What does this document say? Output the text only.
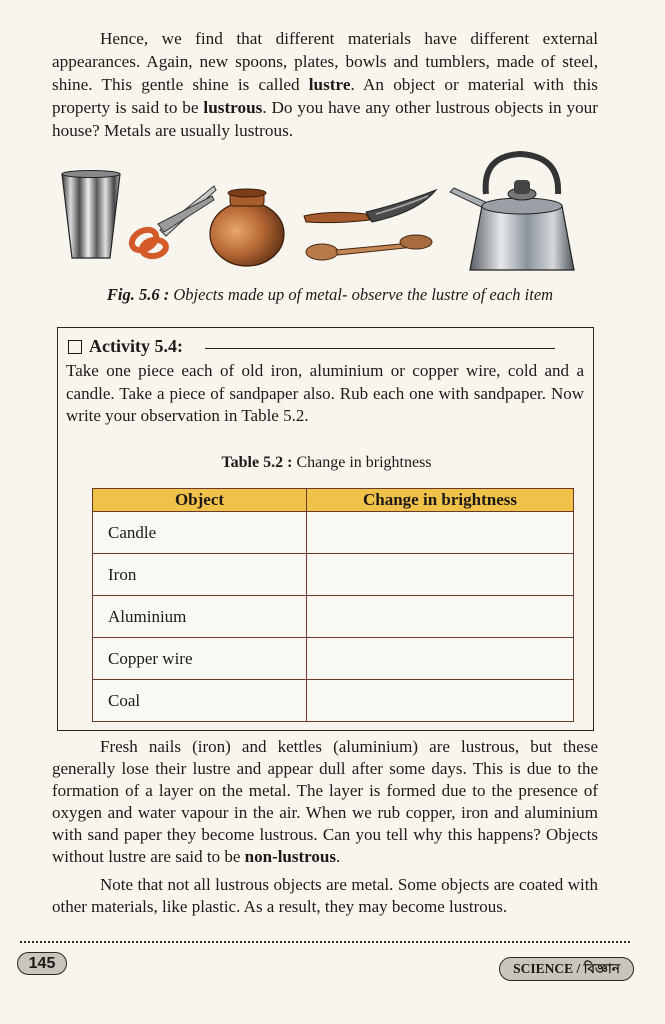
Hence, we find that different materials have different external appearances. Again, new spoons, plates, bowls and tumblers, made of steel, shine. This gentle shine is called lustre. An object or material with this property is said to be lustrous. Do you have any other lustrous objects in your house? Metals are usually lustrous.

Fig. 5.6 : Objects made up of metal- observe the lustre of each item
Activity 5.4:

Take one piece each of old iron, aluminium or copper wire, cold and a candle. Take a piece of sandpaper also. Rub each one with sandpaper. Now write your observation in Table 5.2.

Table 5.2 : Change in brightness
Object	Change in brightness
Candle	
Iron	
Aluminium	
Copper wire	
Coal	

Fresh nails (iron) and kettles (aluminium) are lustrous, but these generally lose their lustre and appear dull after some days. This is due to the formation of a layer on the metal. The layer is formed due to the presence of oxygen and water vapour in the air. When we rub copper, iron and aluminium with sand paper they become lustrous. Can you tell why this happens? Objects without lustre are said to be non-lustrous.

Note that not all lustrous objects are metal. Some objects are coated with other materials, like plastic. As a result, they may become lustrous.

145	SCIENCE / বিজ্ঞান
